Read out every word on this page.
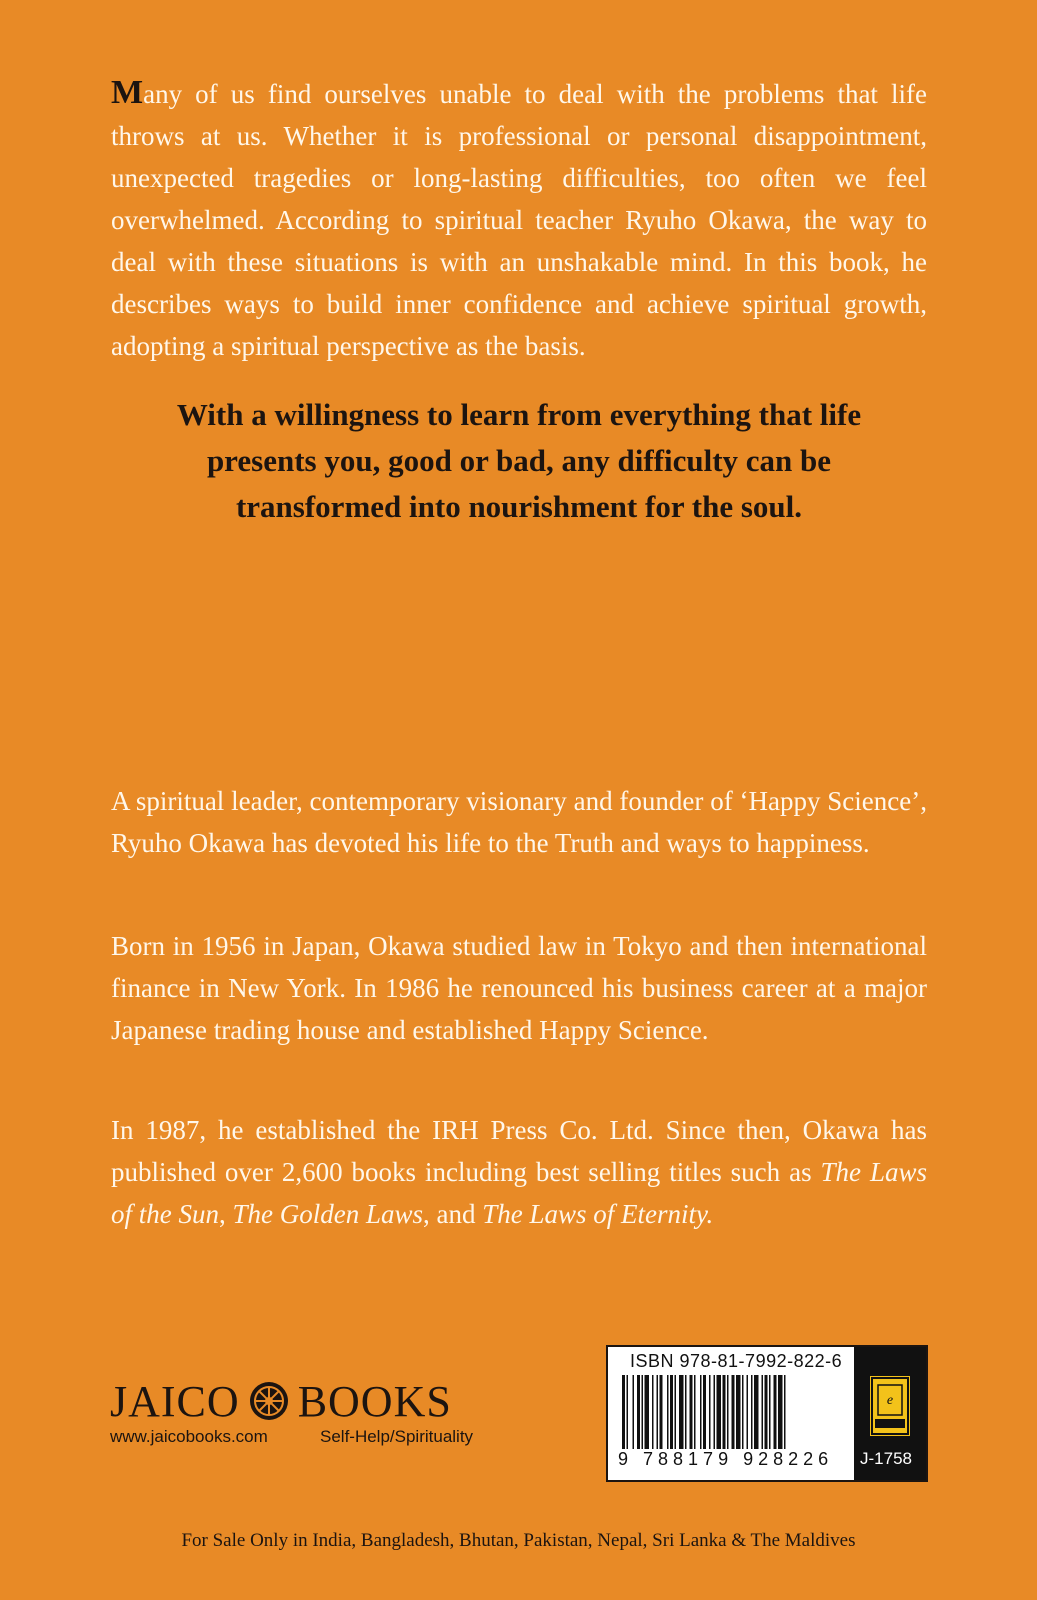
Many of us find ourselves unable to deal with the problems that life throws at us. Whether it is professional or personal disappointment, unexpected tragedies or long-lasting difficulties, too often we feel overwhelmed. According to spiritual teacher Ryuho Okawa, the way to deal with these situations is with an unshakable mind. In this book, he describes ways to build inner confidence and achieve spiritual growth, adopting a spiritual perspective as the basis.

With a willingness to learn from everything that life
presents you, good or bad, any difficulty can be
transformed into nourishment for the soul.

A spiritual leader, contemporary visionary and founder of ‘Happy Science’, Ryuho Okawa has devoted his life to the Truth and ways to happiness.

Born in 1956 in Japan, Okawa studied law in Tokyo and then international finance in New York. In 1986 he renounced his business career at a major Japanese trading house and established Happy Science.

In 1987, he established the IRH Press Co. Ltd. Since then, Okawa has published over 2,600 books including best selling titles such as The Laws of the Sun, The Golden Laws, and The Laws of Eternity.

JAICO BOOKS
www.jaicobooks.com	Self-Help/Spirituality
ISBN 978-81-7992-822-6
9 788179 928226
e
J-1758
For Sale Only in India, Bangladesh, Bhutan, Pakistan, Nepal, Sri Lanka & The Maldives
